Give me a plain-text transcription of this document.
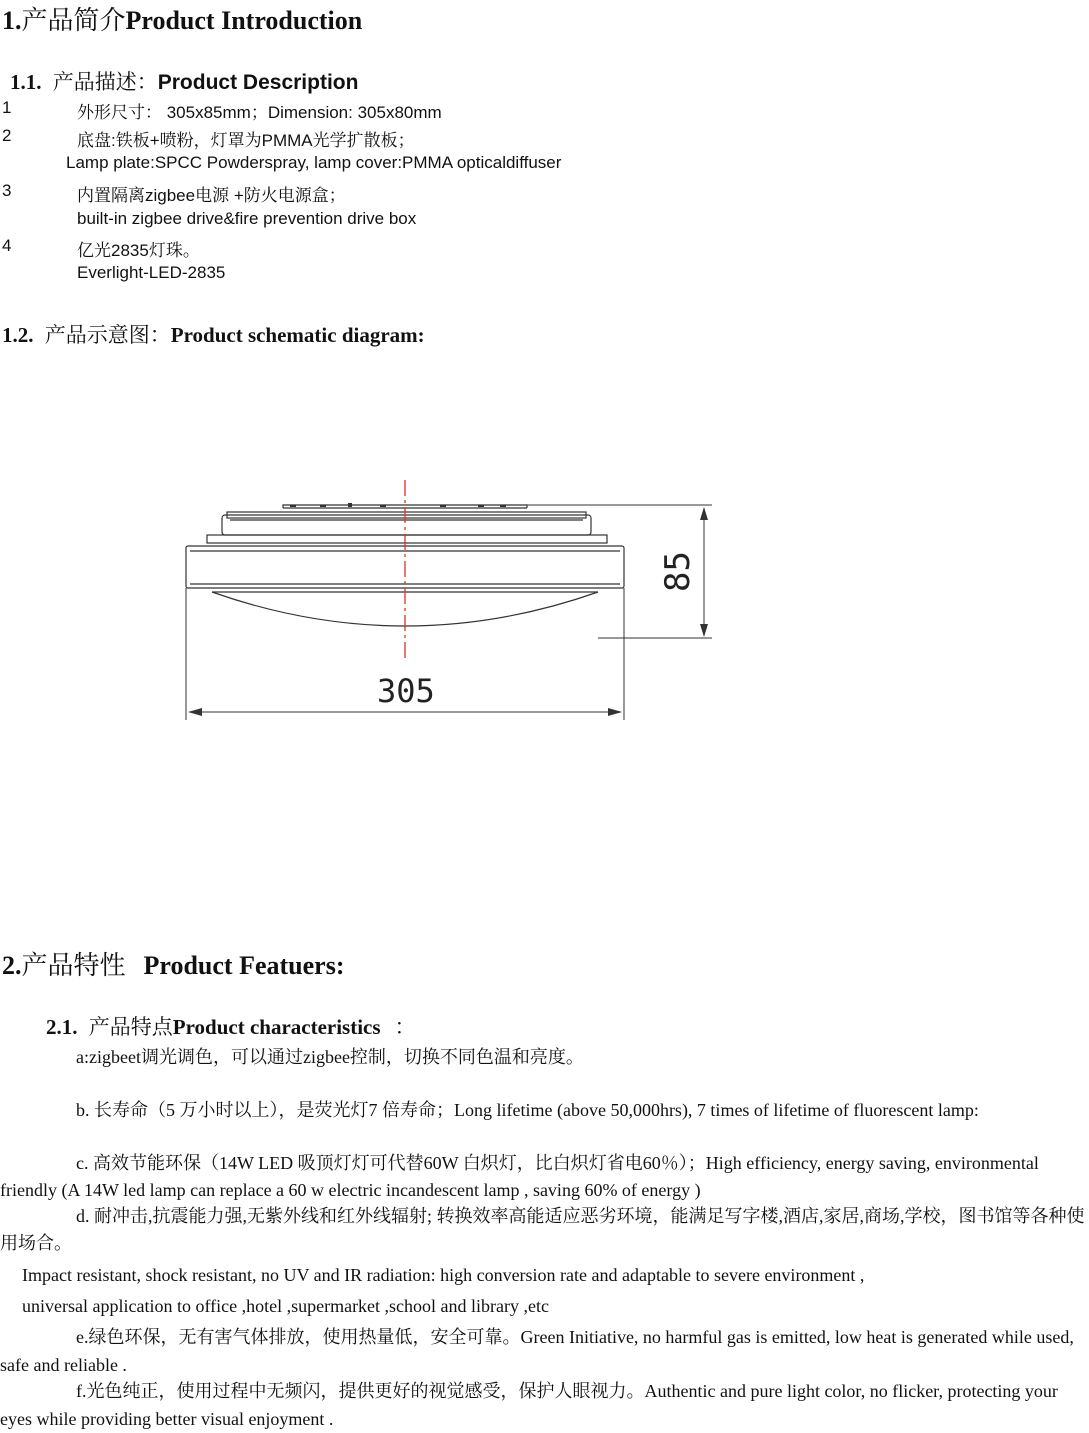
1.产品简介Product Introduction
1.1. 产品描述：Product Description
1	外形尺寸： 305x85mm；Dimension: 305x80mm
2	底盘:铁板+喷粉，灯罩为PMMA光学扩散板；
Lamp plate:SPCC Powderspray, lamp cover:PMMA opticaldiffuser
3	内置隔离zigbee电源 +防火电源盒；
built-in zigbee drive&fire prevention drive box
4	亿光2835灯珠。
Everlight-LED-2835
1.2. 产品示意图：Product schematic diagram:
85
305
2.产品特性 Product Featuers:
2.1. 产品特点Product characteristics ：
a:zigbeet调光调色，可以通过zigbee控制，切换不同色温和亮度。
b. 长寿命（5 万小时以上），是荧光灯7 倍寿命；Long lifetime (above 50,000hrs), 7 times of lifetime of fluorescent lamp:
c. 高效节能环保（14W LED 吸顶灯灯可代替60W 白炽灯，比白炽灯省电60％）；High efficiency, energy saving, environmental friendly (A 14W led lamp can replace a 60 w electric incandescent lamp , saving 60% of energy )
d. 耐冲击,抗震能力强,无紫外线和红外线辐射; 转换效率高能适应恶劣环境，能满足写字楼,酒店,家居,商场,学校，图书馆等各种使用场合。
Impact resistant, shock resistant, no UV and IR radiation: high conversion rate and adaptable to severe environment ,
universal application to office ,hotel ,supermarket ,school and library ,etc
e.绿色环保，无有害气体排放，使用热量低，安全可靠。Green Initiative, no harmful gas is emitted, low heat is generated while used, safe and reliable .
f.光色纯正，使用过程中无频闪，提供更好的视觉感受，保护人眼视力。Authentic and pure light color, no flicker, protecting your eyes while providing better visual enjoyment .
